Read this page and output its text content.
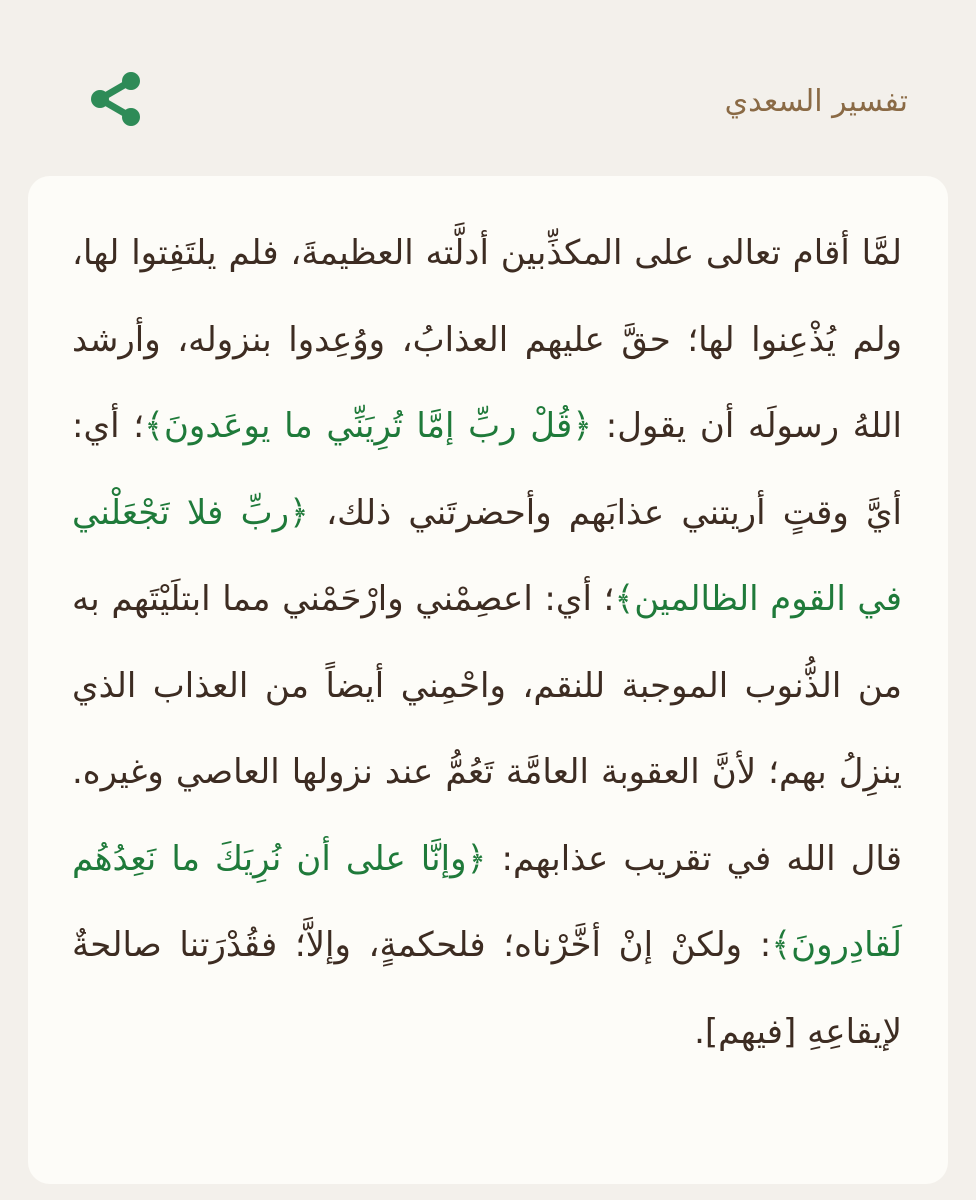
تفسير السعدي

لمَّا أقام تعالى على المكذِّبين أدلَّته العظيمةَ، فلم يلتَفِتوا لها، ولم يُذْعِنوا لها؛ حقَّ عليهم العذابُ، ووُعِدوا بنزوله، وأرشد اللهُ رسولَه أن يقول: ﴿قُلْ ربِّ إمَّا تُرِيَنِّي ما يوعَدونَ﴾؛ أي: أيَّ وقتٍ أريتني عذابَهم وأحضرتَني ذلك، ﴿ربِّ فلا تَجْعَلْني في القوم الظالمين﴾؛ أي: اعصِمْني وارْحَمْني مما ابتلَيْتَهم به من الذُّنوب الموجبة للنقم، واحْمِني أيضاً من العذاب الذي ينزِلُ بهم؛ لأنَّ العقوبة العامَّة تَعُمُّ عند نزولها العاصي وغيره. قال الله في تقريب عذابهم: ﴿وإنَّا على أن نُرِيَكَ ما نَعِدُهُم لَقادِرونَ﴾: ولكنْ إنْ أخَّرْناه؛ فلحكمةٍ، وإلاَّ؛ فقُدْرَتنا صالحةٌ لإيقاعِهِ [فيهم].
